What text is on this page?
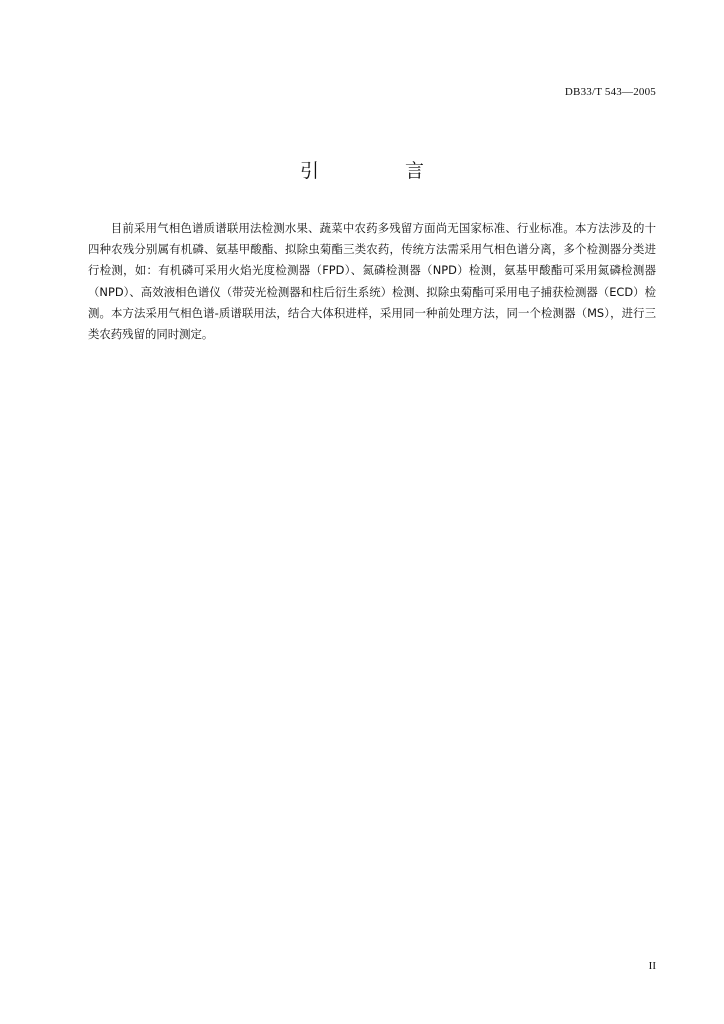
DB33/T 543—2005
引 言

目前采用气相色谱质谱联用法检测水果、蔬菜中农药多残留方面尚无国家标准、行业标准。本方法涉及的十四种农残分别属有机磷、氨基甲酸酯、拟除虫菊酯三类农药，传统方法需采用气相色谱分离，多个检测器分类进行检测，如：有机磷可采用火焰光度检测器（FPD）、氮磷检测器（NPD）检测，氨基甲酸酯可采用氮磷检测器（NPD）、高效液相色谱仪（带荧光检测器和柱后衍生系统）检测、拟除虫菊酯可采用电子捕获检测器（ECD）检测。本方法采用气相色谱-质谱联用法，结合大体积进样，采用同一种前处理方法，同一个检测器（MS），进行三类农药残留的同时测定。

II
